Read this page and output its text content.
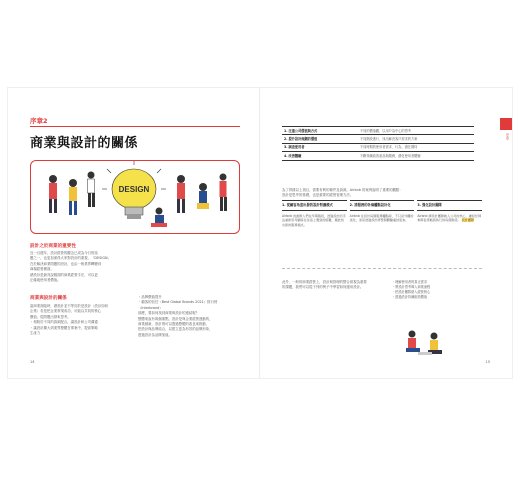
序章2
商業與設計的關係
DESIGN
設計之於商業的重要性
近一百週年，設計經營的觀念已成為今日的話
題之一，也更加深得大家對設計的重視，「DESIGN」
在於解決商業問題的設計，也由一般業界轉變到
商場經營層面。
總設計是最具說服面的商業經營手法，可以更
正確地使用者價值。
商業與設計的關係
當商業面臨時，總設計並不等同於是設計（設計如何
企業）若是把企業實現成功，可能以共同的核心
價值，從問題出發來思考。
・相較於不同的資源配合，讓設計和公司溝通
・讓設計擴大到業界整體在專案中，提高策略
生產力
・品牌價值提升
・顧客的信任（Best Global Brands 2021）排行榜
（Interbrand）
那麼，要如何找到商業與設計的連結呢？
整體來說有幾個重點，設計是與企業經營連動的，
商業創新，設計則可以透過整體的改良來推動，
把設計與品牌結合，以建立更為有效的品牌形象，
透過設計為品牌加值。
14
序章
1. 注重公司價值與方式	不同的價值觀，以用戶為中心的思考
2. 提升設計規劃的價值	不同階段進行，找出解決客戶需求的方案
3. 調查使用者	不同時期的使用者需求、行為、潛在期待
4. 改善體驗	不斷持續改善產品與服務，優化使用者體驗
為了實踐以上項目，需要有利的條件及資源。Airbnb 的案例說明了重要的觀點：
設計是思考的基礎，也是重要的經營管理方法。
1. 從顧客角度出發的設計對應模式
Airbnb 的創辦人們在早期階段，透過設計的手法重新思考顧客在住宿上遇到的困難，藉此找出新的服務模式。
2. 將服務的各個觸點設計化
Airbnb 在設計每個服務觸點時，不只是外觀的美化，而是透過設計將整個體驗連結起來。
3. 強化設計團隊
Airbnb 將設計團隊納入公司的核心，讓設計師參與從策略到執行的每個階段。 設計團隊
此外，一般的商業經營上，設計與管理的整合被視為重要
的課題，我們可以從下列的例子中學習如何運用設計。
・理解使用者的真正需求
・將設計思考導入商業流程
・把設計團隊納入經營核心
・透過設計持續創造價值
15
